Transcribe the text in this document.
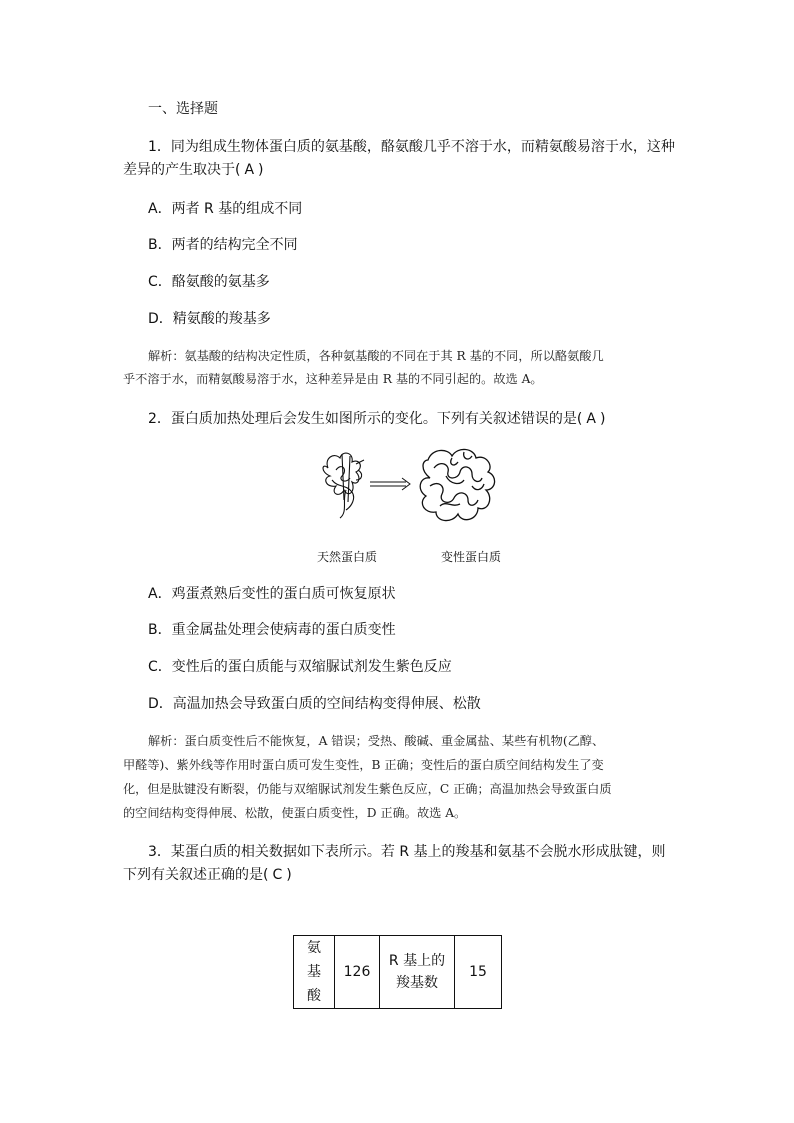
一、选择题
1．同为组成生物体蛋白质的氨基酸，酪氨酸几乎不溶于水，而精氨酸易溶于水，这种
差异的产生取决于( A )
A．两者 R 基的组成不同
B．两者的结构完全不同
C．酪氨酸的氨基多
D．精氨酸的羧基多
解析：氨基酸的结构决定性质，各种氨基酸的不同在于其 R 基的不同，所以酪氨酸几
乎不溶于水，而精氨酸易溶于水，这种差异是由 R 基的不同引起的。故选 A。
2．蛋白质加热处理后会发生如图所示的变化。下列有关叙述错误的是( A )
天然蛋白质	变性蛋白质
A．鸡蛋煮熟后变性的蛋白质可恢复原状
B．重金属盐处理会使病毒的蛋白质变性
C．变性后的蛋白质能与双缩脲试剂发生紫色反应
D．高温加热会导致蛋白质的空间结构变得伸展、松散
解析：蛋白质变性后不能恢复，A 错误；受热、酸碱、重金属盐、某些有机物(乙醇、
甲醛等)、紫外线等作用时蛋白质可发生变性，B 正确；变性后的蛋白质空间结构发生了变
化，但是肽键没有断裂，仍能与双缩脲试剂发生紫色反应，C 正确；高温加热会导致蛋白质
的空间结构变得伸展、松散，使蛋白质变性，D 正确。故选 A。
3．某蛋白质的相关数据如下表所示。若 R 基上的羧基和氨基不会脱水形成肽键，则
下列有关叙述正确的是( C )
氨
基
酸
	126	
R 基上的
羧基数
	15
